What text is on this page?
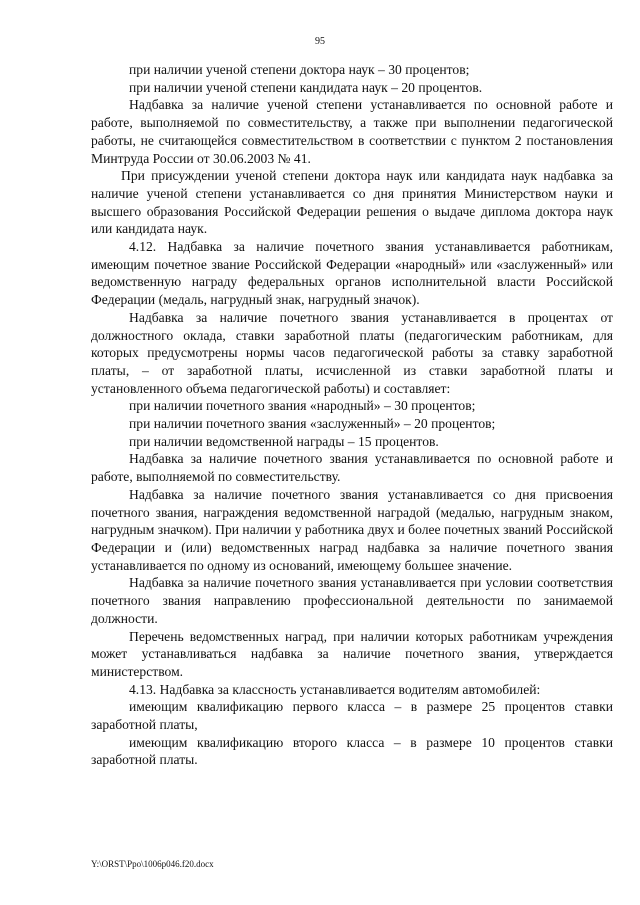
95

при наличии ученой степени доктора наук – 30 процентов;

при наличии ученой степени кандидата наук – 20 процентов.

Надбавка за наличие ученой степени устанавливается по основной работе и работе, выполняемой по совместительству, а также при выполнении педагогической работы, не считающейся совместительством в соответствии с пунктом 2 постановления Минтруда России от 30.06.2003 № 41.

При присуждении ученой степени доктора наук или кандидата наук надбавка за наличие ученой степени устанавливается со дня принятия Министерством науки и высшего образования Российской Федерации решения о выдаче диплома доктора наук или кандидата наук.

4.12. Надбавка за наличие почетного звания устанавливается работникам, имеющим почетное звание Российской Федерации «народный» или «заслуженный» или ведомственную награду федеральных органов исполнительной власти Российской Федерации (медаль, нагрудный знак, нагрудный значок).

Надбавка за наличие почетного звания устанавливается в процентах от должностного оклада, ставки заработной платы (педагогическим работникам, для которых предусмотрены нормы часов педагогической работы за ставку заработной платы, – от заработной платы, исчисленной из ставки заработной платы и установленного объема педагогической работы) и составляет:

при наличии почетного звания «народный» – 30 процентов;

при наличии почетного звания «заслуженный» – 20 процентов;

при наличии ведомственной награды – 15 процентов.

Надбавка за наличие почетного звания устанавливается по основной работе и работе, выполняемой по совместительству.

Надбавка за наличие почетного звания устанавливается со дня присвоения почетного звания, награждения ведомственной наградой (медалью, нагрудным знаком, нагрудным значком). При наличии у работника двух и более почетных званий Российской Федерации и (или) ведомственных наград надбавка за наличие почетного звания устанавливается по одному из оснований, имеющему большее значение.

Надбавка за наличие почетного звания устанавливается при условии соответствия почетного звания направлению профессиональной деятельности по занимаемой должности.

Перечень ведомственных наград, при наличии которых работникам учреждения может устанавливаться надбавка за наличие почетного звания, утверждается министерством.

4.13. Надбавка за классность устанавливается водителям автомобилей:

имеющим квалификацию первого класса – в размере 25 процентов ставки заработной платы,

имеющим квалификацию второго класса – в размере 10 процентов ставки заработной платы.

Y:\ORST\Ppo\1006p046.f20.docx
